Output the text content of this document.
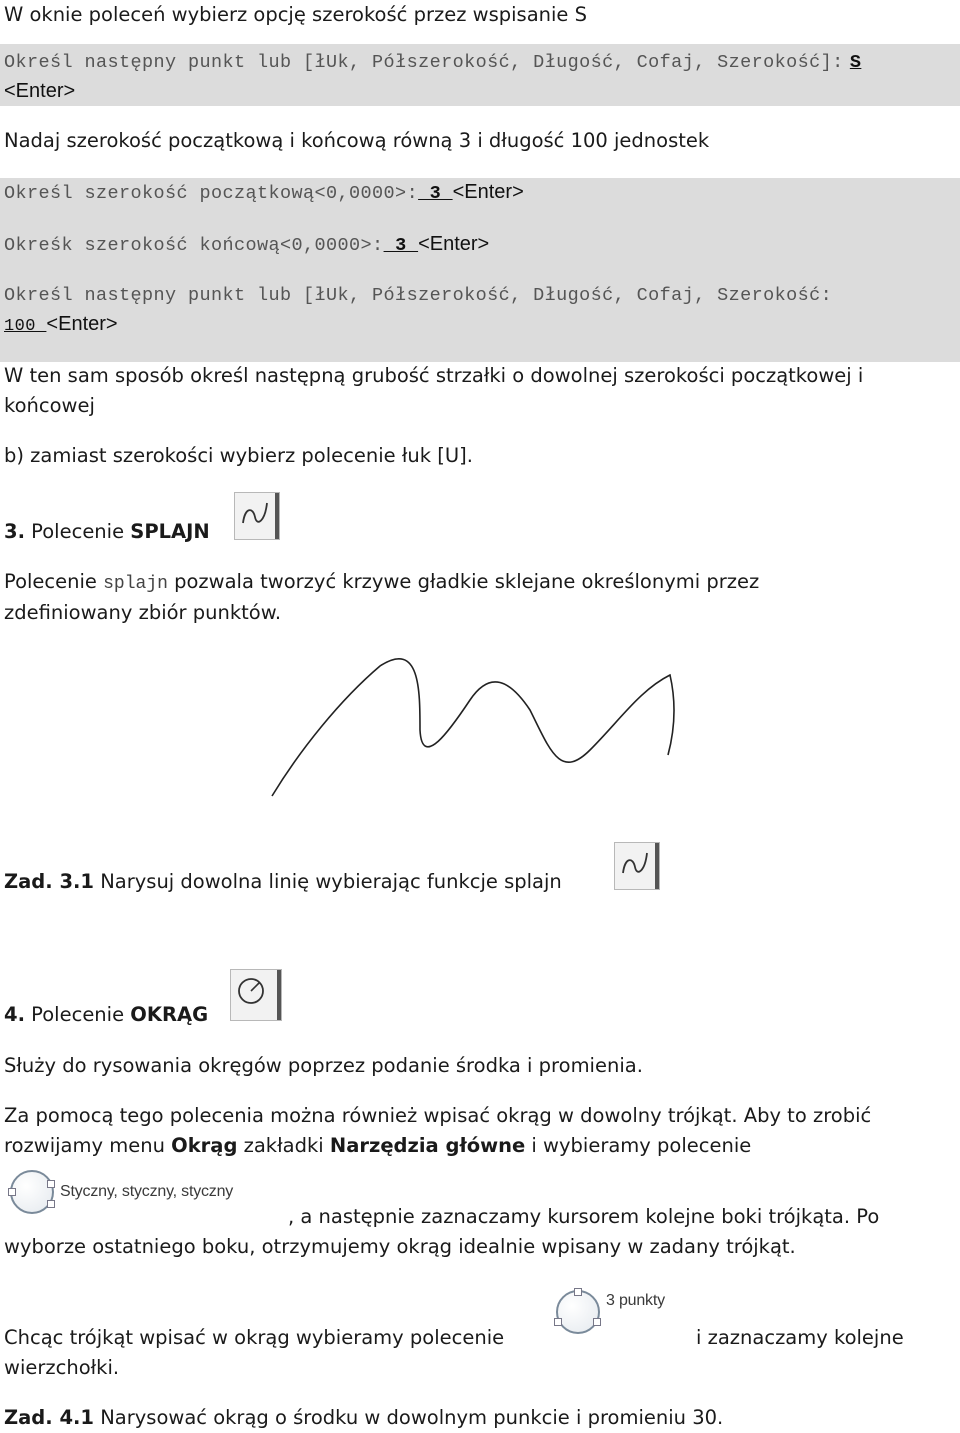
W oknie poleceń wybierz opcję szerokość przez wspisanie S
Określ następny punkt lub [łUk, Półszerokość, Długość, Cofaj, Szerokość]: S
<Enter>
Nadaj szerokość początkową i końcową równą 3 i długość 100 jednostek
Określ szerokość początkową<0,0000>: 3 <Enter>
Okreśk szerokość końcową<0,0000>: 3 <Enter>
Określ następny punkt lub [łUk, Półszerokość, Długość, Cofaj, Szerokość:
100 <Enter>
W ten sam sposób określ następną grubość strzałki o dowolnej szerokości początkowej i
końcowej
b) zamiast szerokości wybierz polecenie łuk [U].
3. Polecenie SPLAJN
Polecenie splajn pozwala tworzyć krzywe gładkie sklejane określonymi przez
zdefiniowany zbiór punktów.
Zad. 3.1 Narysuj dowolna linię wybierając funkcje splajn
4. Polecenie OKRĄG
Służy do rysowania okręgów poprzez podanie środka i promienia.
Za pomocą tego polecenia można również wpisać okrąg w dowolny trójkąt. Aby to zrobić
rozwijamy menu Okrąg zakładki Narzędzia główne i wybieramy polecenie
Styczny, styczny, styczny
, a następnie zaznaczamy kursorem kolejne boki trójkąta. Po
wyborze ostatniego boku, otrzymujemy okrąg idealnie wpisany w zadany trójkąt.
Chcąc trójkąt wpisać w okrąg wybieramy polecenie
3 punkty
i zaznaczamy kolejne
wierzchołki.
Zad. 4.1 Narysować okrąg o środku w dowolnym punkcie i promieniu 30.
